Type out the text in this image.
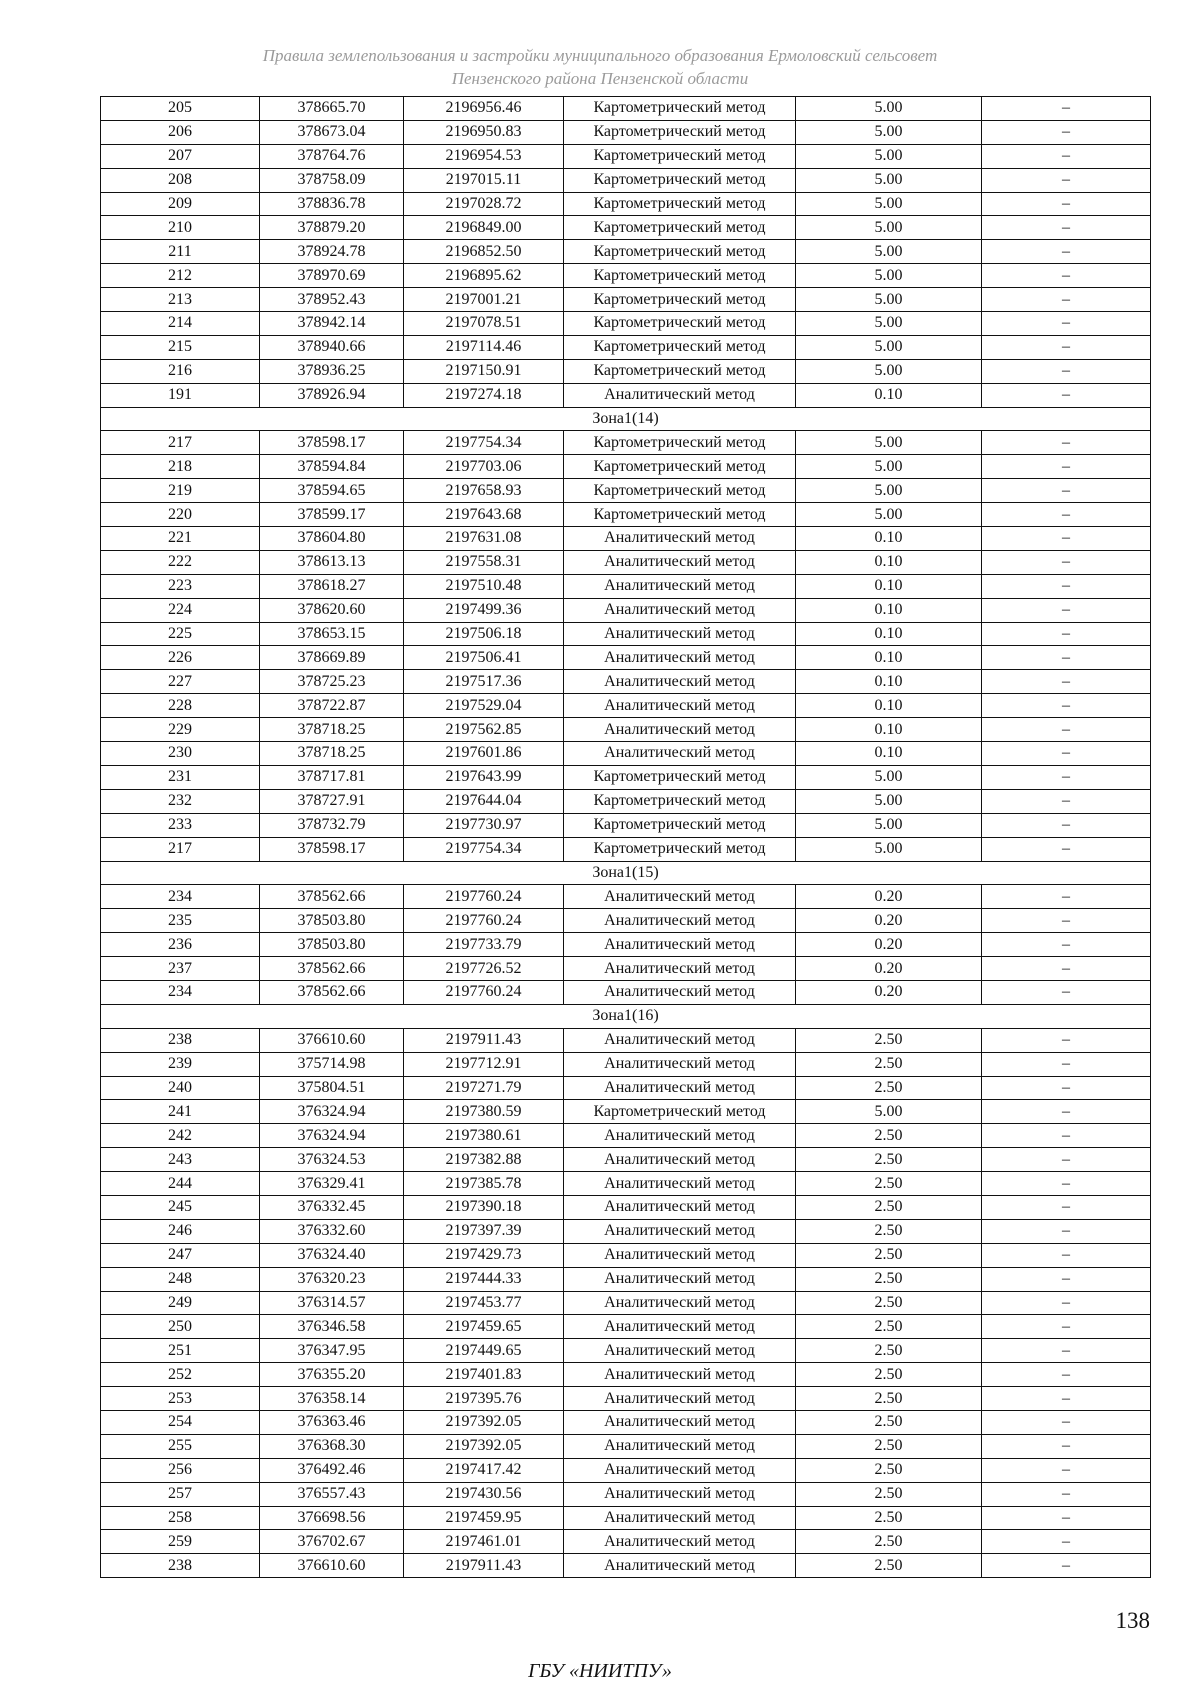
Правила землепользования и застройки муниципального образования Ермоловский сельсовет
Пензенского района Пензенской области
205	378665.70	2196956.46	Картометрический метод	5.00	–
206	378673.04	2196950.83	Картометрический метод	5.00	–
207	378764.76	2196954.53	Картометрический метод	5.00	–
208	378758.09	2197015.11	Картометрический метод	5.00	–
209	378836.78	2197028.72	Картометрический метод	5.00	–
210	378879.20	2196849.00	Картометрический метод	5.00	–
211	378924.78	2196852.50	Картометрический метод	5.00	–
212	378970.69	2196895.62	Картометрический метод	5.00	–
213	378952.43	2197001.21	Картометрический метод	5.00	–
214	378942.14	2197078.51	Картометрический метод	5.00	–
215	378940.66	2197114.46	Картометрический метод	5.00	–
216	378936.25	2197150.91	Картометрический метод	5.00	–
191	378926.94	2197274.18	Аналитический метод	0.10	–
Зона1(14)					
217	378598.17	2197754.34	Картометрический метод	5.00	–
218	378594.84	2197703.06	Картометрический метод	5.00	–
219	378594.65	2197658.93	Картометрический метод	5.00	–
220	378599.17	2197643.68	Картометрический метод	5.00	–
221	378604.80	2197631.08	Аналитический метод	0.10	–
222	378613.13	2197558.31	Аналитический метод	0.10	–
223	378618.27	2197510.48	Аналитический метод	0.10	–
224	378620.60	2197499.36	Аналитический метод	0.10	–
225	378653.15	2197506.18	Аналитический метод	0.10	–
226	378669.89	2197506.41	Аналитический метод	0.10	–
227	378725.23	2197517.36	Аналитический метод	0.10	–
228	378722.87	2197529.04	Аналитический метод	0.10	–
229	378718.25	2197562.85	Аналитический метод	0.10	–
230	378718.25	2197601.86	Аналитический метод	0.10	–
231	378717.81	2197643.99	Картометрический метод	5.00	–
232	378727.91	2197644.04	Картометрический метод	5.00	–
233	378732.79	2197730.97	Картометрический метод	5.00	–
217	378598.17	2197754.34	Картометрический метод	5.00	–
Зона1(15)					
234	378562.66	2197760.24	Аналитический метод	0.20	–
235	378503.80	2197760.24	Аналитический метод	0.20	–
236	378503.80	2197733.79	Аналитический метод	0.20	–
237	378562.66	2197726.52	Аналитический метод	0.20	–
234	378562.66	2197760.24	Аналитический метод	0.20	–
Зона1(16)					
238	376610.60	2197911.43	Аналитический метод	2.50	–
239	375714.98	2197712.91	Аналитический метод	2.50	–
240	375804.51	2197271.79	Аналитический метод	2.50	–
241	376324.94	2197380.59	Картометрический метод	5.00	–
242	376324.94	2197380.61	Аналитический метод	2.50	–
243	376324.53	2197382.88	Аналитический метод	2.50	–
244	376329.41	2197385.78	Аналитический метод	2.50	–
245	376332.45	2197390.18	Аналитический метод	2.50	–
246	376332.60	2197397.39	Аналитический метод	2.50	–
247	376324.40	2197429.73	Аналитический метод	2.50	–
248	376320.23	2197444.33	Аналитический метод	2.50	–
249	376314.57	2197453.77	Аналитический метод	2.50	–
250	376346.58	2197459.65	Аналитический метод	2.50	–
251	376347.95	2197449.65	Аналитический метод	2.50	–
252	376355.20	2197401.83	Аналитический метод	2.50	–
253	376358.14	2197395.76	Аналитический метод	2.50	–
254	376363.46	2197392.05	Аналитический метод	2.50	–
255	376368.30	2197392.05	Аналитический метод	2.50	–
256	376492.46	2197417.42	Аналитический метод	2.50	–
257	376557.43	2197430.56	Аналитический метод	2.50	–
258	376698.56	2197459.95	Аналитический метод	2.50	–
259	376702.67	2197461.01	Аналитический метод	2.50	–
238	376610.60	2197911.43	Аналитический метод	2.50	–
138
ГБУ «НИИТПУ»
